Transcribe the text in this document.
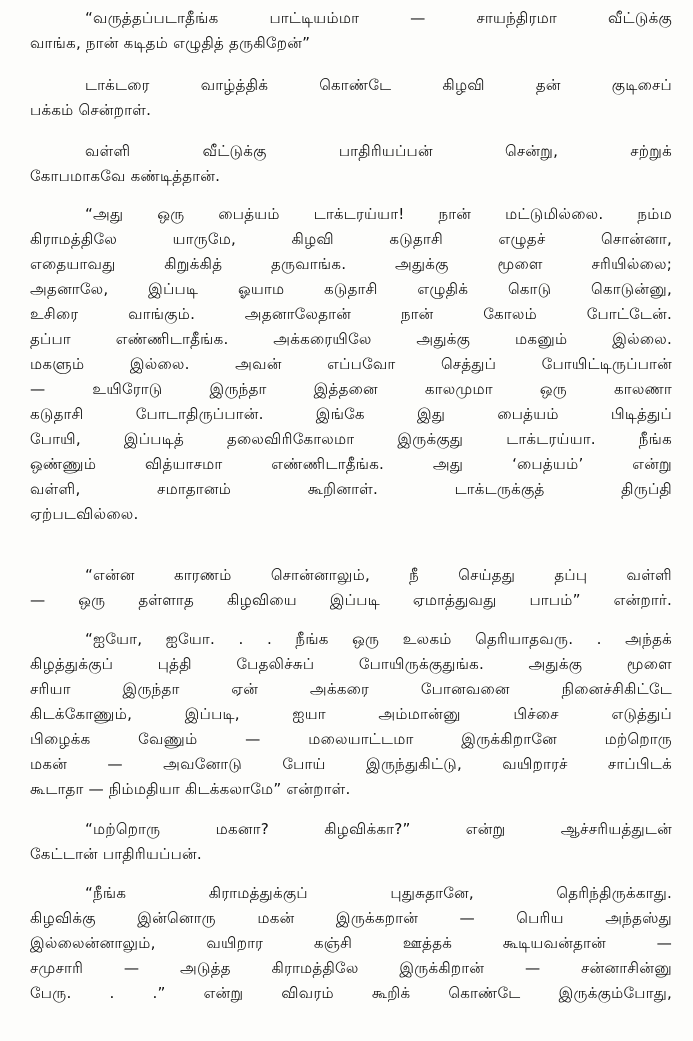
“வருத்தப்படாதீங்க பாட்டியம்மா — சாயந்திரமா வீட்டுக்கு
வாங்க, நான் கடிதம் எழுதித் தருகிறேன்”
டாக்டரை வாழ்த்திக் கொண்டே கிழவி தன் குடிசைப்
பக்கம் சென்றாள்.
வள்ளி வீட்டுக்கு பாதிரியப்பன் சென்று, சற்றுக்
கோபமாகவே கண்டித்தான்.
“அது ஒரு பைத்யம் டாக்டரய்யா! நான் மட்டுமில்லை. நம்ம
கிராமத்திலே யாருமே, கிழவி கடுதாசி எழுதச் சொன்னா,
எதையாவது கிறுக்கித் தருவாங்க. அதுக்கு மூளை சரியில்லை;
அதனாலே, இப்படி ஓயாம கடுதாசி எழுதிக் கொடு கொடுன்னு,
உசிரை வாங்கும். அதனாலேதான் நான் கோலம் போட்டேன்.
தப்பா எண்ணிடாதீங்க. அக்கரையிலே அதுக்கு மகனும் இல்லை.
மகளும் இல்லை. அவன் எப்பவோ செத்துப் போயிட்டிருப்பான்
— உயிரோடு இருந்தா இத்தனை காலமுமா ஒரு காலணா
கடுதாசி போடாதிருப்பான். இங்கே இது பைத்யம் பிடித்துப்
போயி, இப்படித் தலைவிரிகோலமா இருக்குது டாக்டரய்யா. நீங்க
ஒண்ணும் வித்யாசமா எண்ணிடாதீங்க. அது ‘பைத்யம்’ என்று
வள்ளி, சமாதானம் கூறினாள். டாக்டருக்குத் திருப்தி
ஏற்படவில்லை.
“என்ன காரணம் சொன்னாலும், நீ செய்தது தப்பு வள்ளி
— ஒரு தள்ளாத கிழவியை இப்படி ஏமாத்துவது பாபம்” என்றார்.
“ஐயோ, ஐயோ. . . நீங்க ஒரு உலகம் தெரியாதவரு. . அந்தக்
கிழத்துக்குப் புத்தி பேதலிச்சுப் போயிருக்குதுங்க. அதுக்கு மூளை
சரியா இருந்தா ஏன் அக்கரை போனவனை நினைச்சிகிட்டே
கிடக்கோணும், இப்படி, ஐயா அம்மான்னு பிச்சை எடுத்துப்
பிழைக்க வேணும் — மலையாட்டமா இருக்கிறானே மற்றொரு
மகன் — அவனோடு போய் இருந்துகிட்டு, வயிறாரச் சாப்பிடக்
கூடாதா — நிம்மதியா கிடக்கலாமே” என்றாள்.
“மற்றொரு மகனா? கிழவிக்கா?” என்று ஆச்சரியத்துடன்
கேட்டான் பாதிரியப்பன்.
“நீங்க கிராமத்துக்குப் புதுசுதானே, தெரிந்திருக்காது.
கிழவிக்கு இன்னொரு மகன் இருக்கறான் — பெரிய அந்தஸ்து
இல்லைன்னாலும், வயிறார கஞ்சி ஊத்தக் கூடியவன்தான் —
சமுசாரி — அடுத்த கிராமத்திலே இருக்கிறான் — சன்னாசின்னு
பேரு. . .” என்று விவரம் கூறிக் கொண்டே இருக்கும்போது,
